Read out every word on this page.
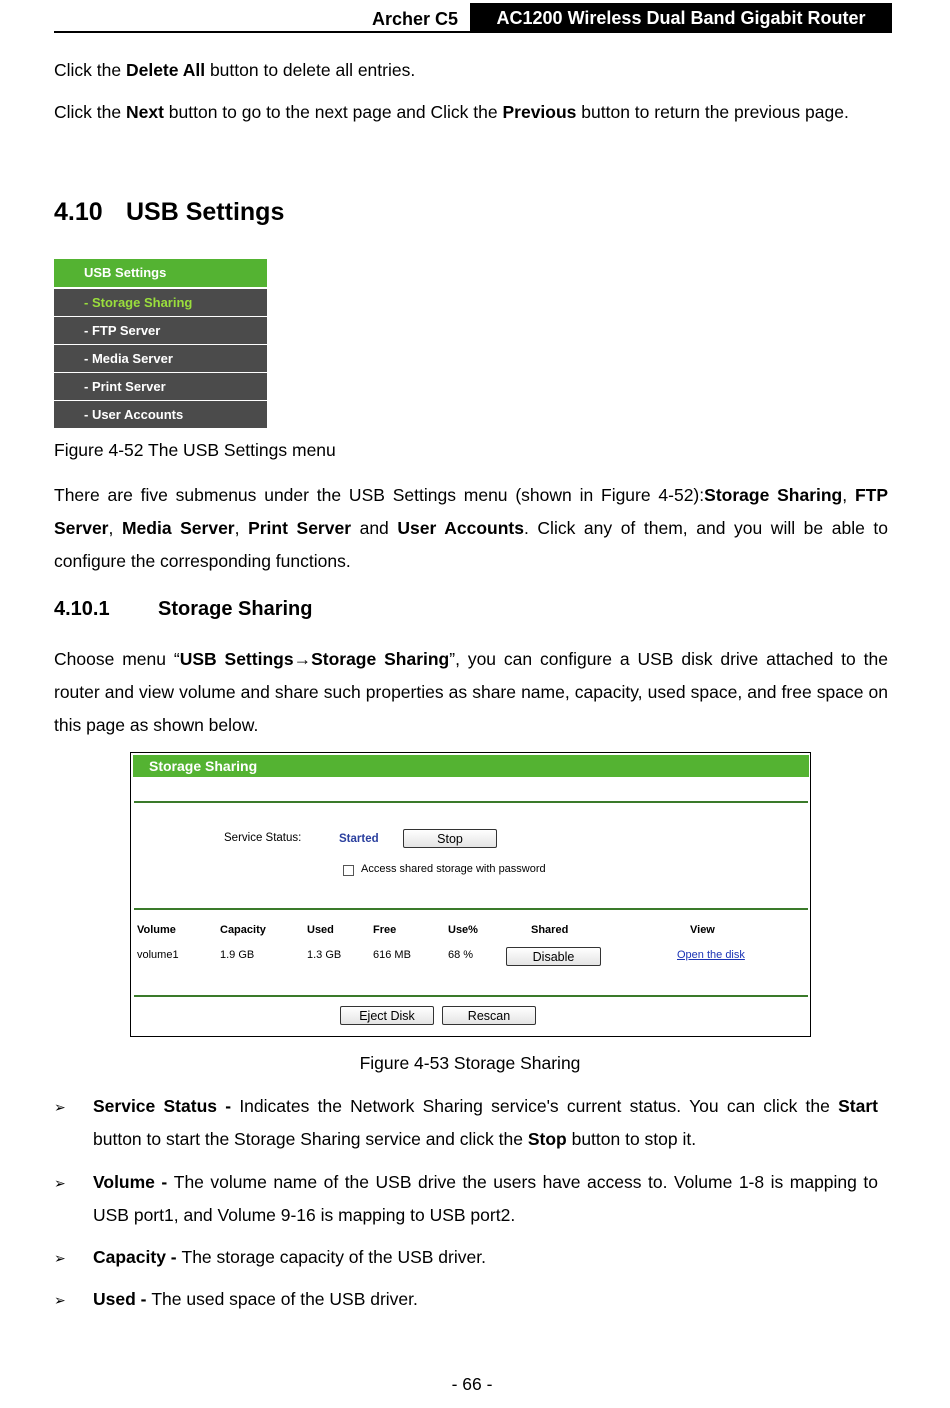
Archer C5	AC1200 Wireless Dual Band Gigabit Router
Click the Delete All button to delete all entries.
Click the Next button to go to the next page and Click the Previous button to return the previous page.
4.10 USB Settings
USB Settings
- Storage Sharing
- FTP Server
- Media Server
- Print Server
- User Accounts
Figure 4-52 The USB Settings menu
There are five submenus under the USB Settings menu (shown in Figure 4-52):Storage Sharing, FTP Server, Media Server, Print Server and User Accounts. Click any of them, and you will be able to configure the corresponding functions.
4.10.1 Storage Sharing
Choose menu “USB Settings→Storage Sharing”, you can configure a USB disk drive attached to the router and view volume and share such properties as share name, capacity, used space, and free space on this page as shown below.
Storage Sharing
Service Status:	Started	Stop
Access shared storage with password
Volume	Capacity	Used	Free	Use%	Shared	View
volume1	1.9 GB	1.3 GB	616 MB	68 %	Disable	Open the disk
Eject Disk	Rescan
Figure 4-53 Storage Sharing
➢ Service Status - Indicates the Network Sharing service's current status. You can click the Start button to start the Storage Sharing service and click the Stop button to stop it.
➢ Volume - The volume name of the USB drive the users have access to. Volume 1-8 is mapping to USB port1, and Volume 9-16 is mapping to USB port2.
➢ Capacity - The storage capacity of the USB driver.
➢ Used - The used space of the USB driver.
- 66 -
